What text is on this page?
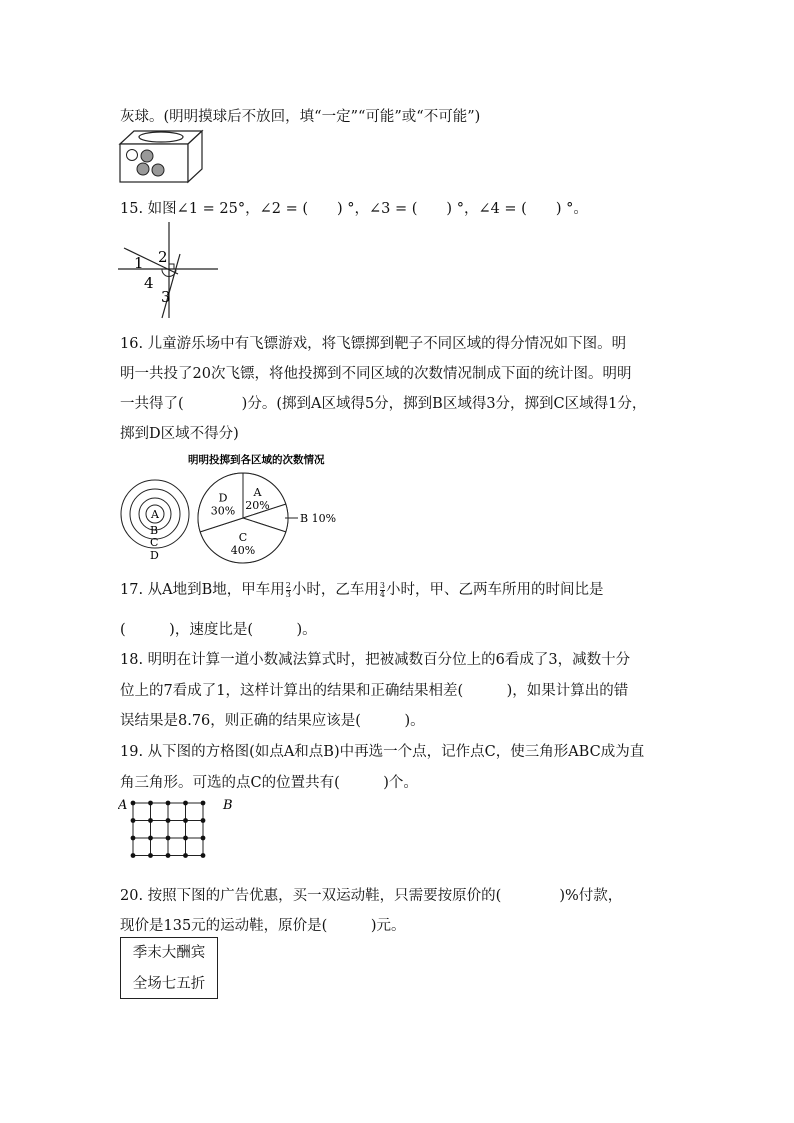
灰球。(明明摸球后不放回，填“一定”“可能”或“不可能”)
15. 如图∠1 = 25°，∠2 = (　　) °，∠3 = (　　) °，∠4 = (　　) °。
1 2
3
4
16. 儿童游乐场中有飞镖游戏，将飞镖掷到靶子不同区域的得分情况如下图。明
明一共投了20次飞镖，将他投掷到不同区域的次数情况制成下面的统计图。明明
一共得了(　　　　)分。(掷到A区域得5分，掷到B区域得3分，掷到C区域得1分，
掷到D区域不得分)
A
B
C
D
明明投掷到各区域的次数情况
A
20%
B 10%
C
40%
D
30%
17. 从A地到B地，甲车用 $\frac{2}{3}$ 小时，乙车用 $\frac{3}{4}$ 小时，甲、乙两车所用的时间比是
(　　　)，速度比是(　　　)。
18. 明明在计算一道小数减法算式时，把被减数百分位上的6看成了3，减数十分
位上的7看成了1，这样计算出的结果和正确结果相差(　　　)，如果计算出的错
误结果是8.76，则正确的结果应该是(　　　)。
19. 从下图的方格图(如点A和点B)中再选一个点，记作点C，使三角形ABC成为直
角三角形。可选的点C的位置共有(　　　)个。
A	B
20. 按照下图的广告优惠，买一双运动鞋，只需要按原价的(　　　　)%付款，
现价是135元的运动鞋，原价是(　　　)元。
季末大酬宾
全场七五折
